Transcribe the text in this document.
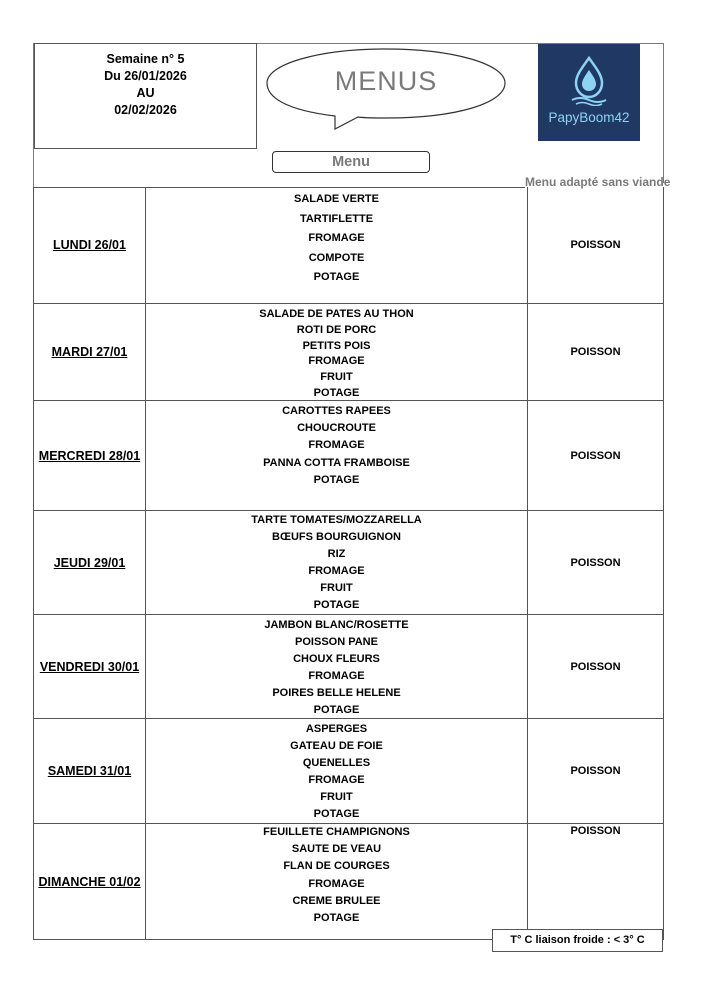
Semaine n° 5
Du 26/01/2026
AU
02/02/2026
MENUS
PapyBoom42
Menu
Menu adapté sans viande
LUNDI 26/01
SALADE VERTE
TARTIFLETTE
FROMAGE
COMPOTE
POTAGE
POISSON
MARDI 27/01
SALADE DE PATES AU THON
ROTI DE PORC
PETITS POIS
FROMAGE
FRUIT
POTAGE
POISSON
MERCREDI 28/01
CAROTTES RAPEES
CHOUCROUTE
FROMAGE
PANNA COTTA FRAMBOISE
POTAGE
POISSON
JEUDI 29/01
TARTE TOMATES/MOZZARELLA
BŒUFS BOURGUIGNON
RIZ
FROMAGE
FRUIT
POTAGE
POISSON
VENDREDI 30/01
JAMBON BLANC/ROSETTE
POISSON PANE
CHOUX FLEURS
FROMAGE
POIRES BELLE HELENE
POTAGE
POISSON
SAMEDI 31/01
ASPERGES
GATEAU DE FOIE
QUENELLES
FROMAGE
FRUIT
POTAGE
POISSON
DIMANCHE 01/02
FEUILLETE CHAMPIGNONS
SAUTE DE VEAU
FLAN DE COURGES
FROMAGE
CREME BRULEE
POTAGE
POISSON
T° C liaison froide : < 3° C
